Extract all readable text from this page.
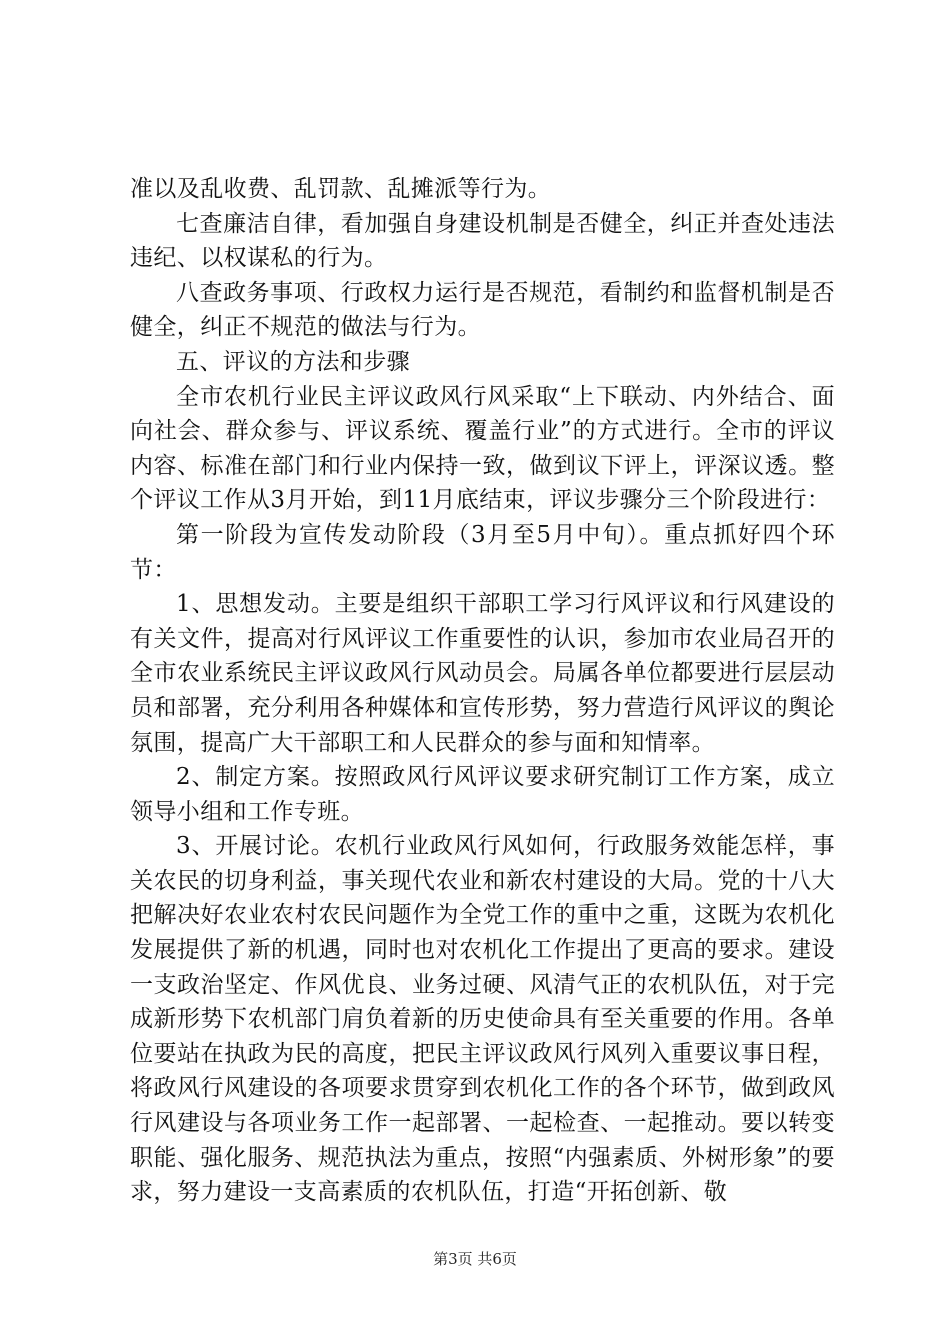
准以及乱收费、乱罚款、乱摊派等行为。

七查廉洁自律，看加强自身建设机制是否健全，纠正并查处违法违纪、以权谋私的行为。

八查政务事项、行政权力运行是否规范，看制约和监督机制是否健全，纠正不规范的做法与行为。

五、评议的方法和步骤

全市农机行业民主评议政风行风采取“上下联动、内外结合、面向社会、群众参与、评议系统、覆盖行业”的方式进行。全市的评议内容、标准在部门和行业内保持一致，做到议下评上，评深议透。整个评议工作从3月开始，到11月底结束，评议步骤分三个阶段进行：

第一阶段为宣传发动阶段（3月至5月中旬）。重点抓好四个环节：

1、思想发动。主要是组织干部职工学习行风评议和行风建设的有关文件，提高对行风评议工作重要性的认识，参加市农业局召开的全市农业系统民主评议政风行风动员会。局属各单位都要进行层层动员和部署，充分利用各种媒体和宣传形势，努力营造行风评议的舆论氛围，提高广大干部职工和人民群众的参与面和知情率。

2、制定方案。按照政风行风评议要求研究制订工作方案，成立领导小组和工作专班。

3、开展讨论。农机行业政风行风如何，行政服务效能怎样，事关农民的切身利益，事关现代农业和新农村建设的大局。党的十八大把解决好农业农村农民问题作为全党工作的重中之重，这既为农机化发展提供了新的机遇，同时也对农机化工作提出了更高的要求。建设一支政治坚定、作风优良、业务过硬、风清气正的农机队伍，对于完成新形势下农机部门肩负着新的历史使命具有至关重要的作用。各单位要站在执政为民的高度，把民主评议政风行风列入重要议事日程，将政风行风建设的各项要求贯穿到农机化工作的各个环节，做到政风行风建设与各项业务工作一起部署、一起检查、一起推动。要以转变职能、强化服务、规范执法为重点，按照“内强素质、外树形象”的要求，努力建设一支高素质的农机队伍，打造“开拓创新、敬

第3页 共6页
